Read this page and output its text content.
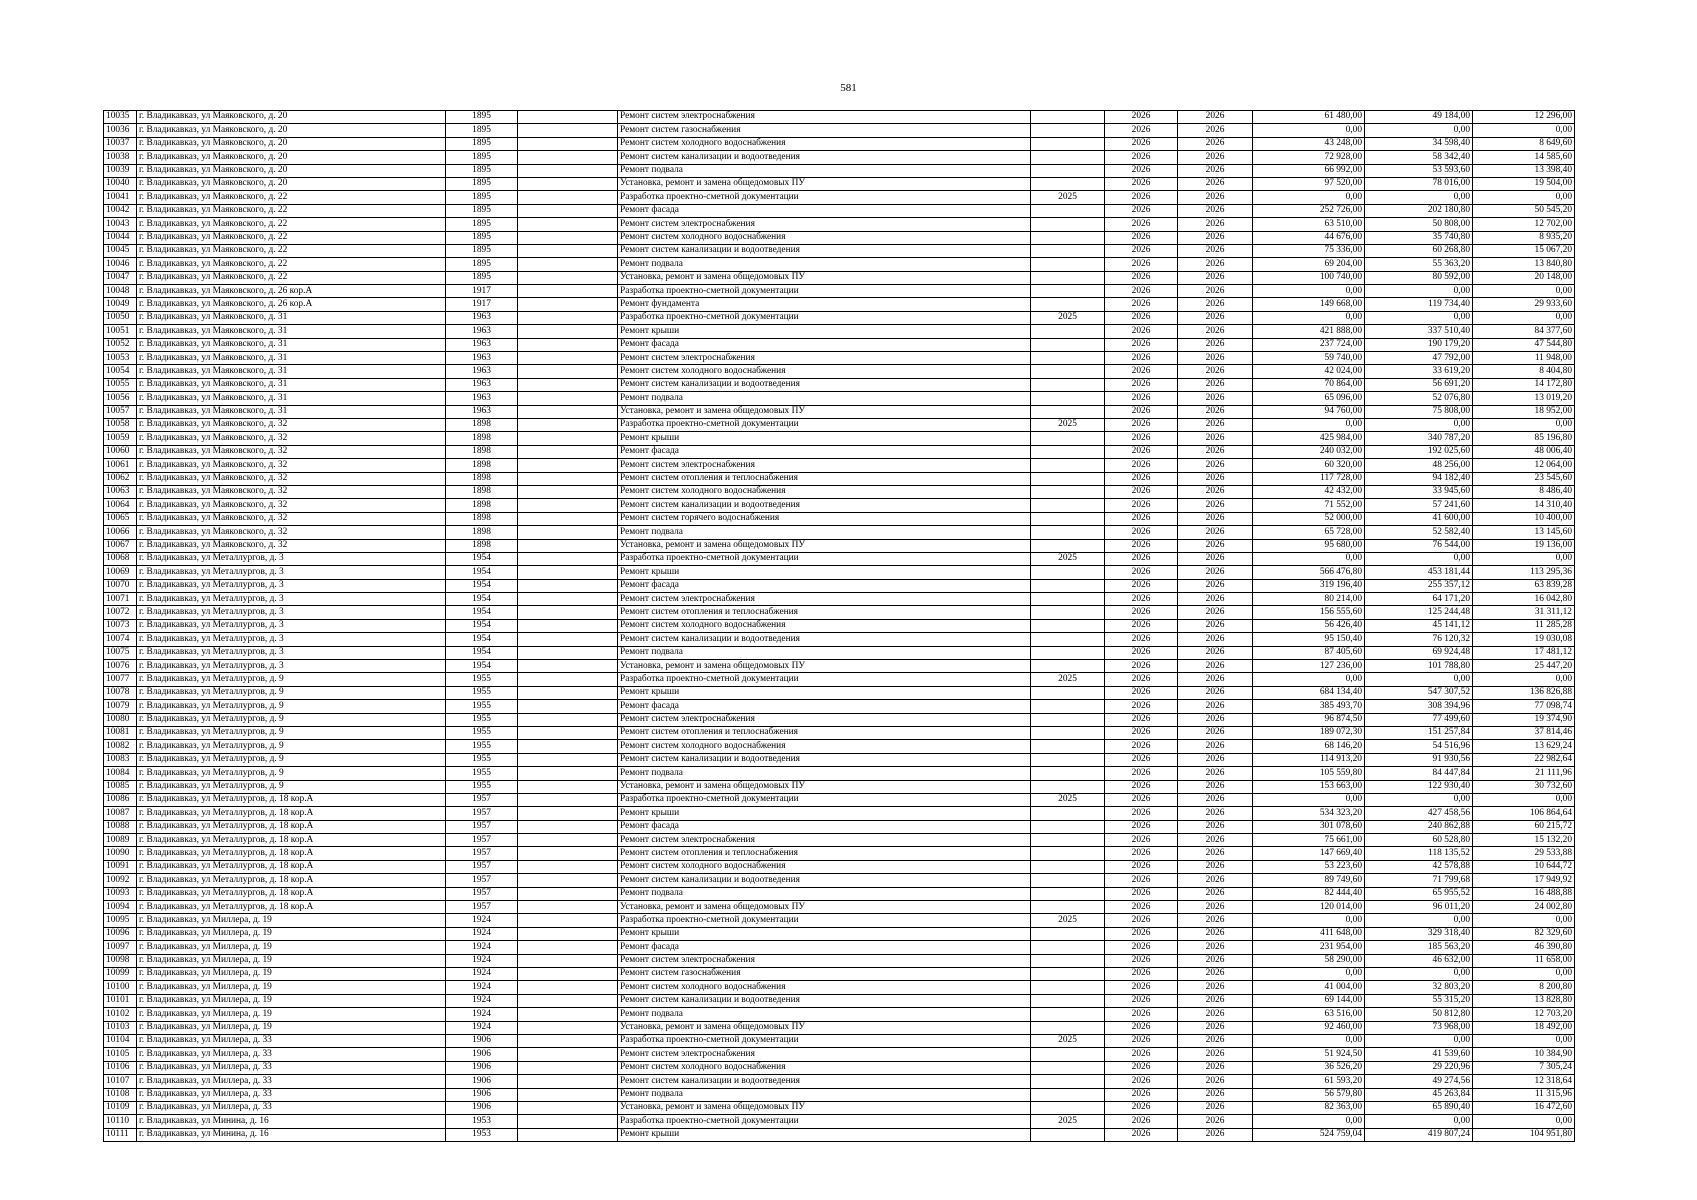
581
10035	г. Владикавказ, ул Маяковского, д. 20	1895		Ремонт систем электроснабжения		2026	2026	61 480,00	49 184,00	12 296,00
10036	г. Владикавказ, ул Маяковского, д. 20	1895		Ремонт систем газоснабжения		2026	2026	0,00	0,00	0,00
10037	г. Владикавказ, ул Маяковского, д. 20	1895		Ремонт систем холодного водоснабжения		2026	2026	43 248,00	34 598,40	8 649,60
10038	г. Владикавказ, ул Маяковского, д. 20	1895		Ремонт систем канализации и водоотведения		2026	2026	72 928,00	58 342,40	14 585,60
10039	г. Владикавказ, ул Маяковского, д. 20	1895		Ремонт подвала		2026	2026	66 992,00	53 593,60	13 398,40
10040	г. Владикавказ, ул Маяковского, д. 20	1895		Установка, ремонт и замена общедомовых ПУ		2026	2026	97 520,00	78 016,00	19 504,00
10041	г. Владикавказ, ул Маяковского, д. 22	1895		Разработка проектно-сметной документации	2025	2026	2026	0,00	0,00	0,00
10042	г. Владикавказ, ул Маяковского, д. 22	1895		Ремонт фасада		2026	2026	252 726,00	202 180,80	50 545,20
10043	г. Владикавказ, ул Маяковского, д. 22	1895		Ремонт систем электроснабжения		2026	2026	63 510,00	50 808,00	12 702,00
10044	г. Владикавказ, ул Маяковского, д. 22	1895		Ремонт систем холодного водоснабжения		2026	2026	44 676,00	35 740,80	8 935,20
10045	г. Владикавказ, ул Маяковского, д. 22	1895		Ремонт систем канализации и водоотведения		2026	2026	75 336,00	60 268,80	15 067,20
10046	г. Владикавказ, ул Маяковского, д. 22	1895		Ремонт подвала		2026	2026	69 204,00	55 363,20	13 840,80
10047	г. Владикавказ, ул Маяковского, д. 22	1895		Установка, ремонт и замена общедомовых ПУ		2026	2026	100 740,00	80 592,00	20 148,00
10048	г. Владикавказ, ул Маяковского, д. 26 кор.А	1917		Разработка проектно-сметной документации		2026	2026	0,00	0,00	0,00
10049	г. Владикавказ, ул Маяковского, д. 26 кор.А	1917		Ремонт фундамента		2026	2026	149 668,00	119 734,40	29 933,60
10050	г. Владикавказ, ул Маяковского, д. 31	1963		Разработка проектно-сметной документации	2025	2026	2026	0,00	0,00	0,00
10051	г. Владикавказ, ул Маяковского, д. 31	1963		Ремонт крыши		2026	2026	421 888,00	337 510,40	84 377,60
10052	г. Владикавказ, ул Маяковского, д. 31	1963		Ремонт фасада		2026	2026	237 724,00	190 179,20	47 544,80
10053	г. Владикавказ, ул Маяковского, д. 31	1963		Ремонт систем электроснабжения		2026	2026	59 740,00	47 792,00	11 948,00
10054	г. Владикавказ, ул Маяковского, д. 31	1963		Ремонт систем холодного водоснабжения		2026	2026	42 024,00	33 619,20	8 404,80
10055	г. Владикавказ, ул Маяковского, д. 31	1963		Ремонт систем канализации и водоотведения		2026	2026	70 864,00	56 691,20	14 172,80
10056	г. Владикавказ, ул Маяковского, д. 31	1963		Ремонт подвала		2026	2026	65 096,00	52 076,80	13 019,20
10057	г. Владикавказ, ул Маяковского, д. 31	1963		Установка, ремонт и замена общедомовых ПУ		2026	2026	94 760,00	75 808,00	18 952,00
10058	г. Владикавказ, ул Маяковского, д. 32	1898		Разработка проектно-сметной документации	2025	2026	2026	0,00	0,00	0,00
10059	г. Владикавказ, ул Маяковского, д. 32	1898		Ремонт крыши		2026	2026	425 984,00	340 787,20	85 196,80
10060	г. Владикавказ, ул Маяковского, д. 32	1898		Ремонт фасада		2026	2026	240 032,00	192 025,60	48 006,40
10061	г. Владикавказ, ул Маяковского, д. 32	1898		Ремонт систем электроснабжения		2026	2026	60 320,00	48 256,00	12 064,00
10062	г. Владикавказ, ул Маяковского, д. 32	1898		Ремонт систем отопления и теплоснабжения		2026	2026	117 728,00	94 182,40	23 545,60
10063	г. Владикавказ, ул Маяковского, д. 32	1898		Ремонт систем холодного водоснабжения		2026	2026	42 432,00	33 945,60	8 486,40
10064	г. Владикавказ, ул Маяковского, д. 32	1898		Ремонт систем канализации и водоотведения		2026	2026	71 552,00	57 241,60	14 310,40
10065	г. Владикавказ, ул Маяковского, д. 32	1898		Ремонт систем горячего водоснабжения		2026	2026	52 000,00	41 600,00	10 400,00
10066	г. Владикавказ, ул Маяковского, д. 32	1898		Ремонт подвала		2026	2026	65 728,00	52 582,40	13 145,60
10067	г. Владикавказ, ул Маяковского, д. 32	1898		Установка, ремонт и замена общедомовых ПУ		2026	2026	95 680,00	76 544,00	19 136,00
10068	г. Владикавказ, ул Металлургов, д. 3	1954		Разработка проектно-сметной документации	2025	2026	2026	0,00	0,00	0,00
10069	г. Владикавказ, ул Металлургов, д. 3	1954		Ремонт крыши		2026	2026	566 476,80	453 181,44	113 295,36
10070	г. Владикавказ, ул Металлургов, д. 3	1954		Ремонт фасада		2026	2026	319 196,40	255 357,12	63 839,28
10071	г. Владикавказ, ул Металлургов, д. 3	1954		Ремонт систем электроснабжения		2026	2026	80 214,00	64 171,20	16 042,80
10072	г. Владикавказ, ул Металлургов, д. 3	1954		Ремонт систем отопления и теплоснабжения		2026	2026	156 555,60	125 244,48	31 311,12
10073	г. Владикавказ, ул Металлургов, д. 3	1954		Ремонт систем холодного водоснабжения		2026	2026	56 426,40	45 141,12	11 285,28
10074	г. Владикавказ, ул Металлургов, д. 3	1954		Ремонт систем канализации и водоотведения		2026	2026	95 150,40	76 120,32	19 030,08
10075	г. Владикавказ, ул Металлургов, д. 3	1954		Ремонт подвала		2026	2026	87 405,60	69 924,48	17 481,12
10076	г. Владикавказ, ул Металлургов, д. 3	1954		Установка, ремонт и замена общедомовых ПУ		2026	2026	127 236,00	101 788,80	25 447,20
10077	г. Владикавказ, ул Металлургов, д. 9	1955		Разработка проектно-сметной документации	2025	2026	2026	0,00	0,00	0,00
10078	г. Владикавказ, ул Металлургов, д. 9	1955		Ремонт крыши		2026	2026	684 134,40	547 307,52	136 826,88
10079	г. Владикавказ, ул Металлургов, д. 9	1955		Ремонт фасада		2026	2026	385 493,70	308 394,96	77 098,74
10080	г. Владикавказ, ул Металлургов, д. 9	1955		Ремонт систем электроснабжения		2026	2026	96 874,50	77 499,60	19 374,90
10081	г. Владикавказ, ул Металлургов, д. 9	1955		Ремонт систем отопления и теплоснабжения		2026	2026	189 072,30	151 257,84	37 814,46
10082	г. Владикавказ, ул Металлургов, д. 9	1955		Ремонт систем холодного водоснабжения		2026	2026	68 146,20	54 516,96	13 629,24
10083	г. Владикавказ, ул Металлургов, д. 9	1955		Ремонт систем канализации и водоотведения		2026	2026	114 913,20	91 930,56	22 982,64
10084	г. Владикавказ, ул Металлургов, д. 9	1955		Ремонт подвала		2026	2026	105 559,80	84 447,84	21 111,96
10085	г. Владикавказ, ул Металлургов, д. 9	1955		Установка, ремонт и замена общедомовых ПУ		2026	2026	153 663,00	122 930,40	30 732,60
10086	г. Владикавказ, ул Металлургов, д. 18 кор.А	1957		Разработка проектно-сметной документации	2025	2026	2026	0,00	0,00	0,00
10087	г. Владикавказ, ул Металлургов, д. 18 кор.А	1957		Ремонт крыши		2026	2026	534 323,20	427 458,56	106 864,64
10088	г. Владикавказ, ул Металлургов, д. 18 кор.А	1957		Ремонт фасада		2026	2026	301 078,60	240 862,88	60 215,72
10089	г. Владикавказ, ул Металлургов, д. 18 кор.А	1957		Ремонт систем электроснабжения		2026	2026	75 661,00	60 528,80	15 132,20
10090	г. Владикавказ, ул Металлургов, д. 18 кор.А	1957		Ремонт систем отопления и теплоснабжения		2026	2026	147 669,40	118 135,52	29 533,88
10091	г. Владикавказ, ул Металлургов, д. 18 кор.А	1957		Ремонт систем холодного водоснабжения		2026	2026	53 223,60	42 578,88	10 644,72
10092	г. Владикавказ, ул Металлургов, д. 18 кор.А	1957		Ремонт систем канализации и водоотведения		2026	2026	89 749,60	71 799,68	17 949,92
10093	г. Владикавказ, ул Металлургов, д. 18 кор.А	1957		Ремонт подвала		2026	2026	82 444,40	65 955,52	16 488,88
10094	г. Владикавказ, ул Металлургов, д. 18 кор.А	1957		Установка, ремонт и замена общедомовых ПУ		2026	2026	120 014,00	96 011,20	24 002,80
10095	г. Владикавказ, ул Миллера, д. 19	1924		Разработка проектно-сметной документации	2025	2026	2026	0,00	0,00	0,00
10096	г. Владикавказ, ул Миллера, д. 19	1924		Ремонт крыши		2026	2026	411 648,00	329 318,40	82 329,60
10097	г. Владикавказ, ул Миллера, д. 19	1924		Ремонт фасада		2026	2026	231 954,00	185 563,20	46 390,80
10098	г. Владикавказ, ул Миллера, д. 19	1924		Ремонт систем электроснабжения		2026	2026	58 290,00	46 632,00	11 658,00
10099	г. Владикавказ, ул Миллера, д. 19	1924		Ремонт систем газоснабжения		2026	2026	0,00	0,00	0,00
10100	г. Владикавказ, ул Миллера, д. 19	1924		Ремонт систем холодного водоснабжения		2026	2026	41 004,00	32 803,20	8 200,80
10101	г. Владикавказ, ул Миллера, д. 19	1924		Ремонт систем канализации и водоотведения		2026	2026	69 144,00	55 315,20	13 828,80
10102	г. Владикавказ, ул Миллера, д. 19	1924		Ремонт подвала		2026	2026	63 516,00	50 812,80	12 703,20
10103	г. Владикавказ, ул Миллера, д. 19	1924		Установка, ремонт и замена общедомовых ПУ		2026	2026	92 460,00	73 968,00	18 492,00
10104	г. Владикавказ, ул Миллера, д. 33	1906		Разработка проектно-сметной документации	2025	2026	2026	0,00	0,00	0,00
10105	г. Владикавказ, ул Миллера, д. 33	1906		Ремонт систем электроснабжения		2026	2026	51 924,50	41 539,60	10 384,90
10106	г. Владикавказ, ул Миллера, д. 33	1906		Ремонт систем холодного водоснабжения		2026	2026	36 526,20	29 220,96	7 305,24
10107	г. Владикавказ, ул Миллера, д. 33	1906		Ремонт систем канализации и водоотведения		2026	2026	61 593,20	49 274,56	12 318,64
10108	г. Владикавказ, ул Миллера, д. 33	1906		Ремонт подвала		2026	2026	56 579,80	45 263,84	11 315,96
10109	г. Владикавказ, ул Миллера, д. 33	1906		Установка, ремонт и замена общедомовых ПУ		2026	2026	82 363,00	65 890,40	16 472,60
10110	г. Владикавказ, ул Минина, д. 16	1953		Разработка проектно-сметной документации	2025	2026	2026	0,00	0,00	0,00
10111	г. Владикавказ, ул Минина, д. 16	1953		Ремонт крыши		2026	2026	524 759,04	419 807,24	104 951,80
